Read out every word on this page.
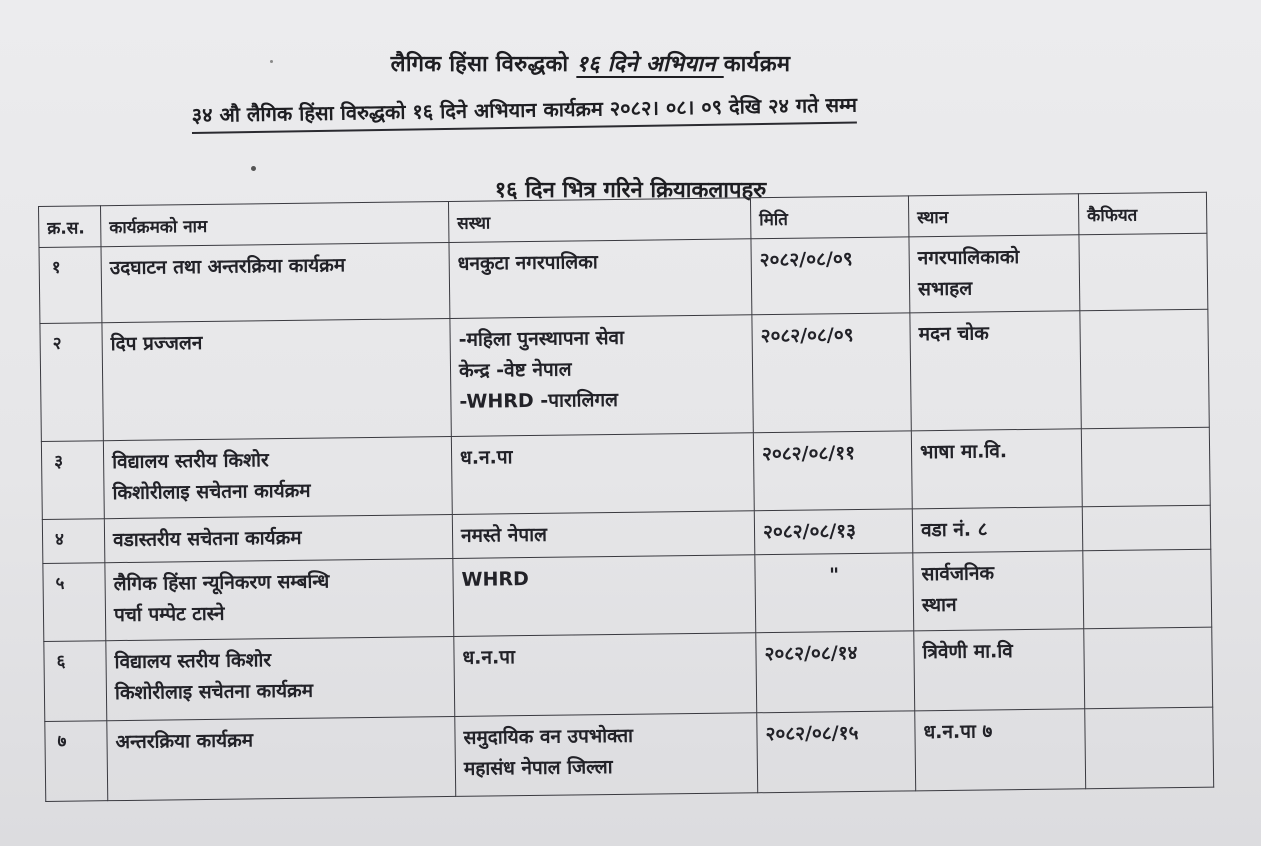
लैगिक हिंसा विरुद्धको १६ दिने अभियान कार्यक्रम
३४ औ लैगिक हिंसा विरुद्धको १६ दिने अभियान कार्यक्रम २०८२। ०८। ०९ देखि २४ गते सम्म
१६ दिन भित्र गरिने क्रियाकलापहरु
क्र.स.	कार्यक्रमको नाम	सस्था	मिति	स्थान	कैफियत
१	उदघाटन तथा अन्तरक्रिया कार्यक्रम	धनकुटा नगरपालिका	२०८२/०८/०९	नगरपालिकाको
सभाहल	

२	दिप प्रज्जलन	-महिला पुनस्थापना सेवा
केन्द्र -वेष्ट नेपाल
-WHRD -पारालिगल	२०८२/०८/०९	मदन चोक	

३	विद्यालय स्तरीय किशोर
किशोरीलाइ सचेतना कार्यक्रम	ध.न.पा	२०८२/०८/११	भाषा मा.वि.	

४	वडास्तरीय सचेतना कार्यक्रम	नमस्ते नेपाल	२०८२/०८/१३	वडा नं. ८	

५	लैगिक हिंसा न्यूनिकरण सम्बन्धि
पर्चा पम्पेट टास्ने	WHRD	"	सार्वजनिक
स्थान	

६	विद्यालय स्तरीय किशोर
किशोरीलाइ सचेतना कार्यक्रम	ध.न.पा	२०८२/०८/१४	त्रिवेणी मा.वि	

७	अन्तरक्रिया कार्यक्रम	समुदायिक वन उपभोक्ता
महासंध नेपाल जिल्ला	२०८२/०८/१५	ध.न.पा ७	
